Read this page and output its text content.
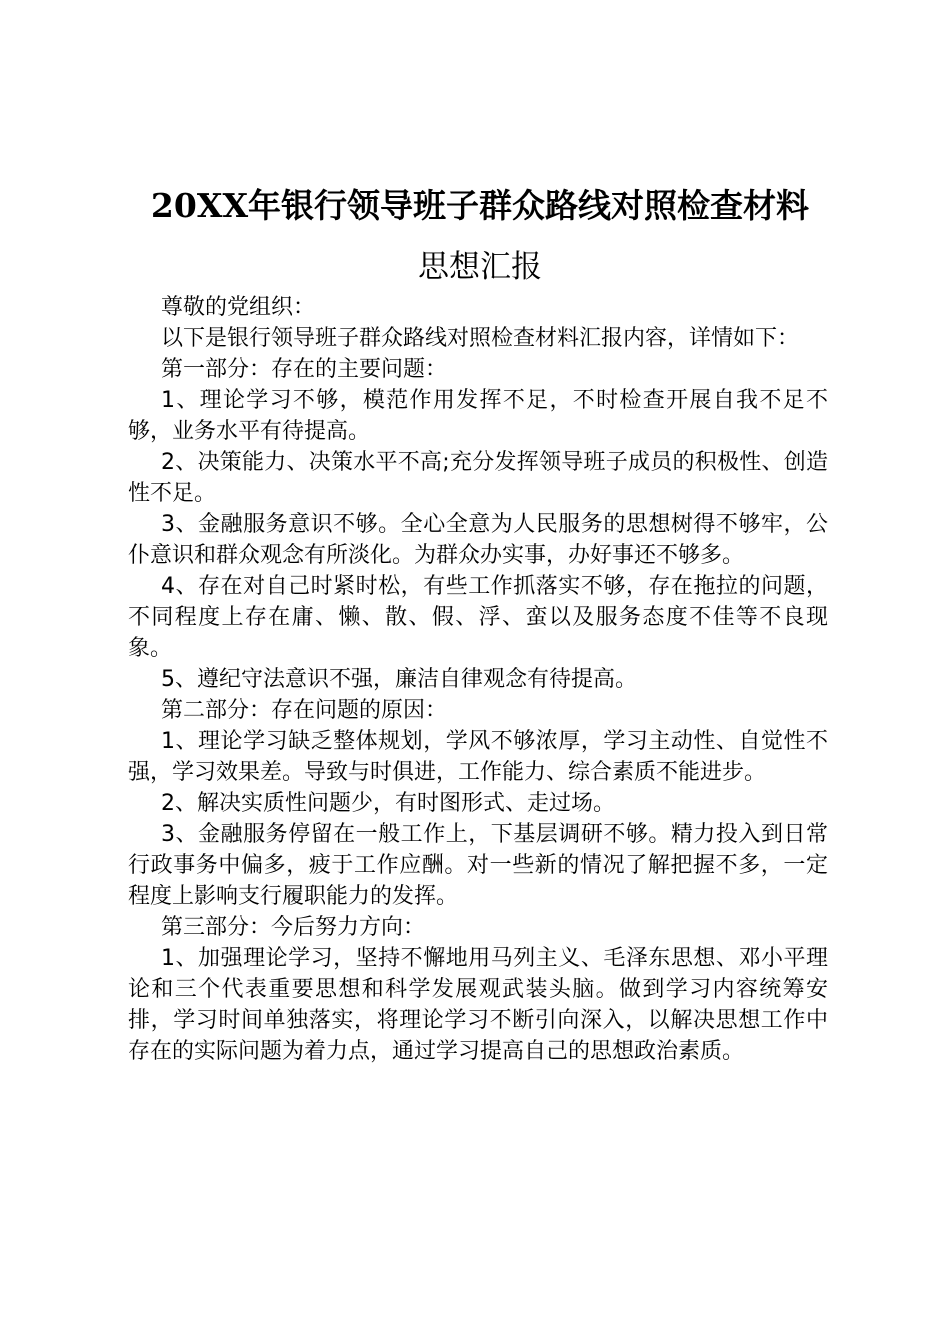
20XX年银行领导班子群众路线对照检查材料
思想汇报

尊敬的党组织：

以下是银行领导班子群众路线对照检查材料汇报内容，详情如下：

第一部分：存在的主要问题：

1、理论学习不够，模范作用发挥不足，不时检查开展自我不足不够，业务水平有待提高。

2、决策能力、决策水平不高;充分发挥领导班子成员的积极性、创造性不足。

3、金融服务意识不够。全心全意为人民服务的思想树得不够牢，公仆意识和群众观念有所淡化。为群众办实事，办好事还不够多。

4、存在对自己时紧时松，有些工作抓落实不够，存在拖拉的问题，不同程度上存在庸、懒、散、假、浮、蛮以及服务态度不佳等不良现象。

5、遵纪守法意识不强，廉洁自律观念有待提高。

第二部分：存在问题的原因：

1、理论学习缺乏整体规划，学风不够浓厚，学习主动性、自觉性不强，学习效果差。导致与时俱进，工作能力、综合素质不能进步。

2、解决实质性问题少，有时图形式、走过场。

3、金融服务停留在一般工作上，下基层调研不够。精力投入到日常行政事务中偏多，疲于工作应酬。对一些新的情况了解把握不多，一定程度上影响支行履职能力的发挥。

第三部分：今后努力方向：

1、加强理论学习，坚持不懈地用马列主义、毛泽东思想、邓小平理论和三个代表重要思想和科学发展观武装头脑。做到学习内容统筹安排，学习时间单独落实，将理论学习不断引向深入，以解决思想工作中存在的实际问题为着力点，通过学习提高自己的思想政治素质。
